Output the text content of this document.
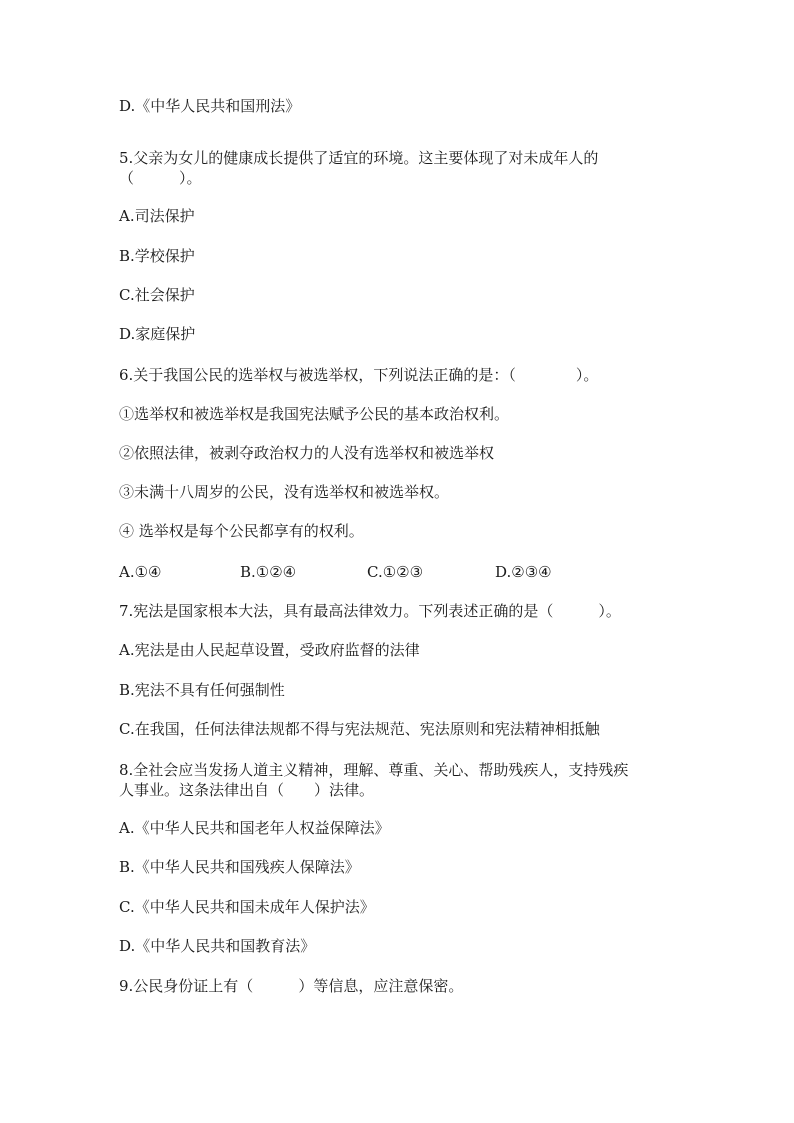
D.《中华人民共和国刑法》
5.父亲为女儿的健康成长提供了适宜的环境。这主要体现了对未成年人的
（　　　）。
A.司法保护
B.学校保护
C.社会保护
D.家庭保护
6.关于我国公民的选举权与被选举权，下列说法正确的是：（　　　　）。
①选举权和被选举权是我国宪法赋予公民的基本政治权利。
②依照法律，被剥夺政治权力的人没有选举权和被选举权
③未满十八周岁的公民，没有选举权和被选举权。
④ 选举权是每个公民都享有的权利。
A.①④	B.①②④	C.①②③	D.②③④
7.宪法是国家根本大法，具有最高法律效力。下列表述正确的是（　　　）。
A.宪法是由人民起草设置，受政府监督的法律
B.宪法不具有任何强制性
C.在我国，任何法律法规都不得与宪法规范、宪法原则和宪法精神相抵触
8.全社会应当发扬人道主义精神，理解、尊重、关心、帮助残疾人，支持残疾
人事业。这条法律出自（　　）法律。
A.《中华人民共和国老年人权益保障法》
B.《中华人民共和国残疾人保障法》
C.《中华人民共和国未成年人保护法》
D.《中华人民共和国教育法》
9.公民身份证上有（　　　）等信息，应注意保密。
